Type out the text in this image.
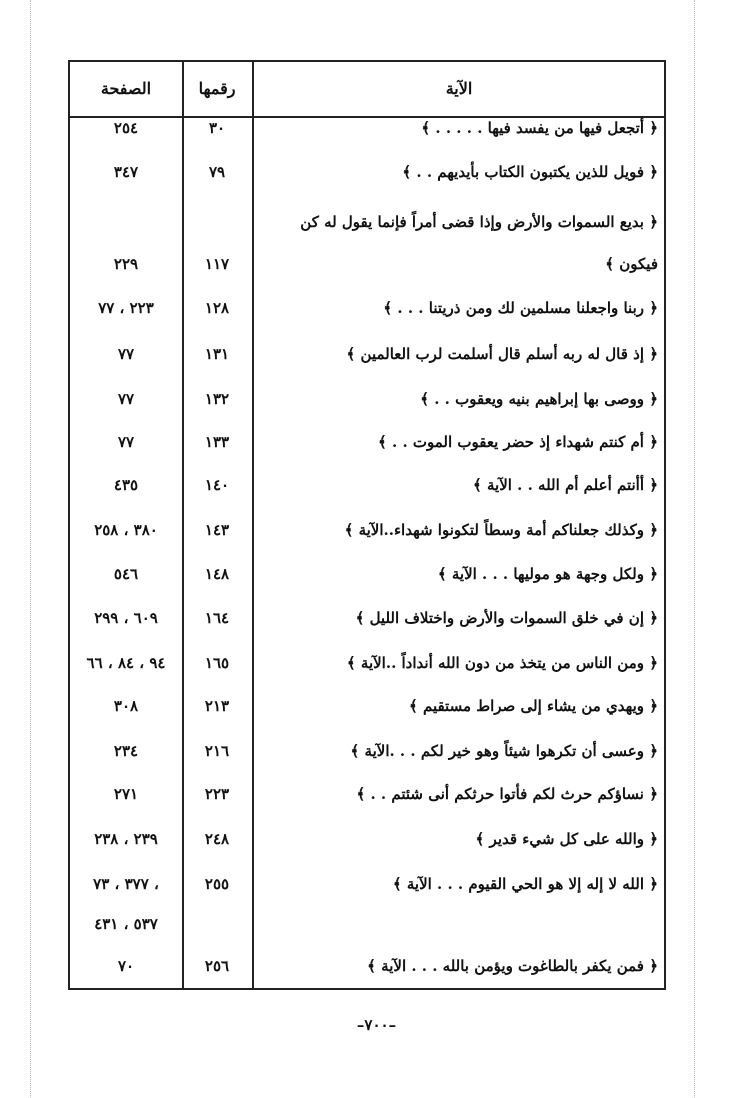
الصفحة	رقمها	الآية
٢٥٤	٣٠	﴿ أتجعل فيها من يفسد فيها . . . . . ﴾
٣٤٧	٧٩	﴿ فويل للذين يكتبون الكتاب بأيديهم . . ﴾
﴿ بديع السموات والأرض وإذا قضى أمراً فإنما يقول له كن
٢٢٩	١١٧	فيكون ﴾
٢٢٣ ، ٧٧	١٢٨	﴿ ربنا واجعلنا مسلمين لك ومن ذريتنا . . . ﴾
٧٧	١٣١	﴿ إذ قال له ربه أسلم قال أسلمت لرب العالمين ﴾
٧٧	١٣٢	﴿ ووصى بها إبراهيم بنيه ويعقوب . . ﴾
٧٧	١٣٣	﴿ أم كنتم شهداء إذ حضر يعقوب الموت . . ﴾
٤٣٥	١٤٠	﴿ أأنتم أعلم أم الله . . الآية ﴾
٣٨٠ ، ٢٥٨	١٤٣	﴿ وكذلك جعلناكم أمة وسطاً لتكونوا شهداء..الآية ﴾
٥٤٦	١٤٨	﴿ ولكل وجهة هو موليها . . . الآية ﴾
٦٠٩ ، ٢٩٩	١٦٤	﴿ إن في خلق السموات والأرض واختلاف الليل ﴾
٩٤ ، ٨٤ ، ٦٦	١٦٥	﴿ ومن الناس من يتخذ من دون الله أنداداً ..الآية ﴾
٣٠٨	٢١٣	﴿ ويهدي من يشاء إلى صراط مستقيم ﴾
٢٣٤	٢١٦	﴿ وعسى أن تكرهوا شيئاً وهو خير لكم . . .الآية ﴾
٢٧١	٢٢٣	﴿ نساؤكم حرث لكم فأتوا حرثكم أنى شئتم . . ﴾
٢٣٩ ، ٢٣٨	٢٤٨	﴿ والله على كل شيء قدير ﴾
، ٣٧٧ ، ٧٣	٢٥٥	﴿ الله لا إله إلا هو الحي القيوم . . . الآية ﴾
٥٣٧ ، ٤٣١
٧٠	٢٥٦	﴿ فمن يكفر بالطاغوت ويؤمن بالله . . . الآية ﴾
–٧٠٠–
